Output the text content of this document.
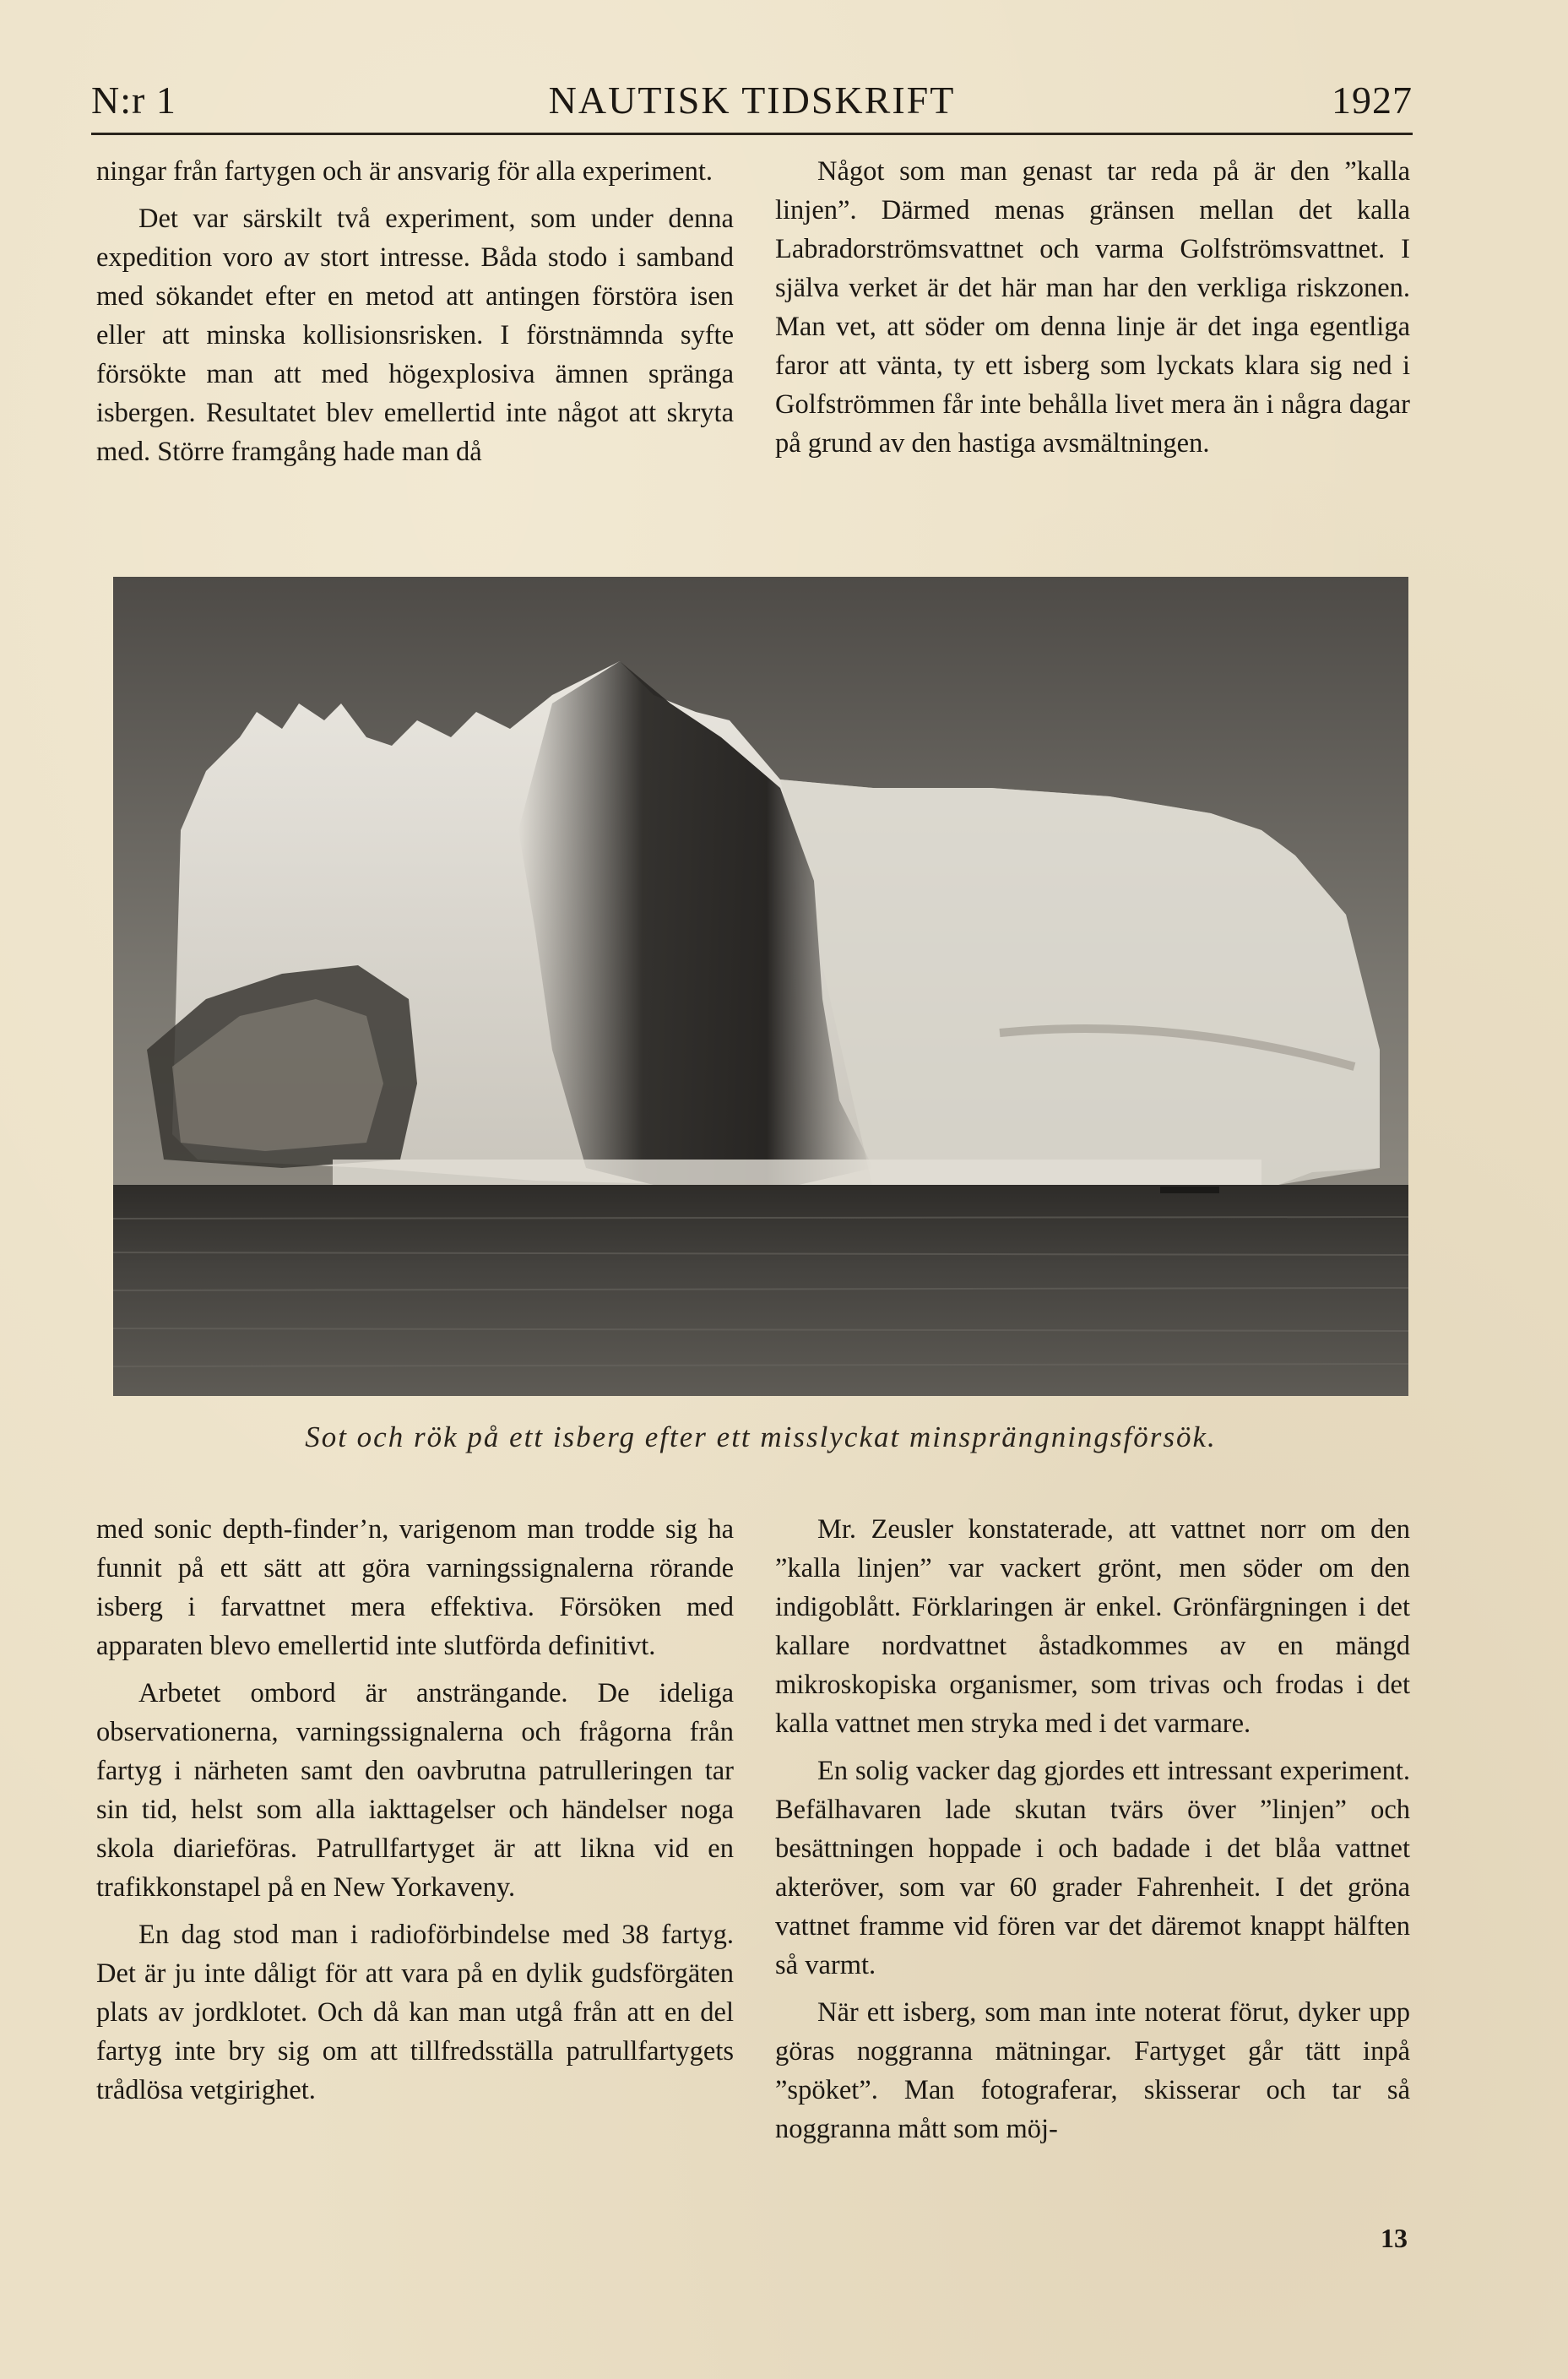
N:r 1	NAUTISK TIDSKRIFT	1927

ningar från fartygen och är ansvarig för alla experiment.

Det var särskilt två experiment, som under denna expedition voro av stort intresse. Båda stodo i samband med sökandet efter en metod att antingen förstöra isen eller att minska kollisionsrisken. I förstnämnda syfte försökte man att med högexplosiva ämnen spränga isbergen. Resultatet blev emellertid inte något att skryta med. Större framgång hade man då

Något som man genast tar reda på är den ”kalla linjen”. Därmed menas gränsen mellan det kalla Labradorströmsvattnet och varma Golfströmsvattnet. I själva verket är det här man har den verkliga riskzonen. Man vet, att söder om denna linje är det inga egentliga faror att vänta, ty ett isberg som lyckats klara sig ned i Golfströmmen får inte behålla livet mera än i några dagar på grund av den hastiga avsmältningen.

Sot och rök på ett isberg efter ett misslyckat minsprängningsförsök.

med sonic depth-finder’n, varigenom man trodde sig ha funnit på ett sätt att göra varningssignalerna rörande isberg i farvattnet mera effektiva. Försöken med apparaten blevo emellertid inte slutförda definitivt.

Arbetet ombord är ansträngande. De ideliga observationerna, varningssignalerna och frågorna från fartyg i närheten samt den oavbrutna patrulleringen tar sin tid, helst som alla iakttagelser och händelser noga skola diarieföras. Patrullfartyget är att likna vid en trafikkonstapel på en New Yorkaveny.

En dag stod man i radioförbindelse med 38 fartyg. Det är ju inte dåligt för att vara på en dylik gudsförgäten plats av jordklotet. Och då kan man utgå från att en del fartyg inte bry sig om att tillfredsställa patrullfartygets trådlösa vetgirighet.

Mr. Zeusler konstaterade, att vattnet norr om den ”kalla linjen” var vackert grönt, men söder om den indigoblått. Förklaringen är enkel. Grönfärgningen i det kallare nordvattnet åstadkommes av en mängd mikroskopiska organismer, som trivas och frodas i det kalla vattnet men stryka med i det varmare.

En solig vacker dag gjordes ett intressant experiment. Befälhavaren lade skutan tvärs över ”linjen” och besättningen hoppade i och badade i det blåa vattnet akteröver, som var 60 grader Fahrenheit. I det gröna vattnet framme vid fören var det däremot knappt hälften så varmt.

När ett isberg, som man inte noterat förut, dyker upp göras noggranna mätningar. Fartyget går tätt inpå ”spöket”. Man fotograferar, skisserar och tar så noggranna mått som möj-

13
